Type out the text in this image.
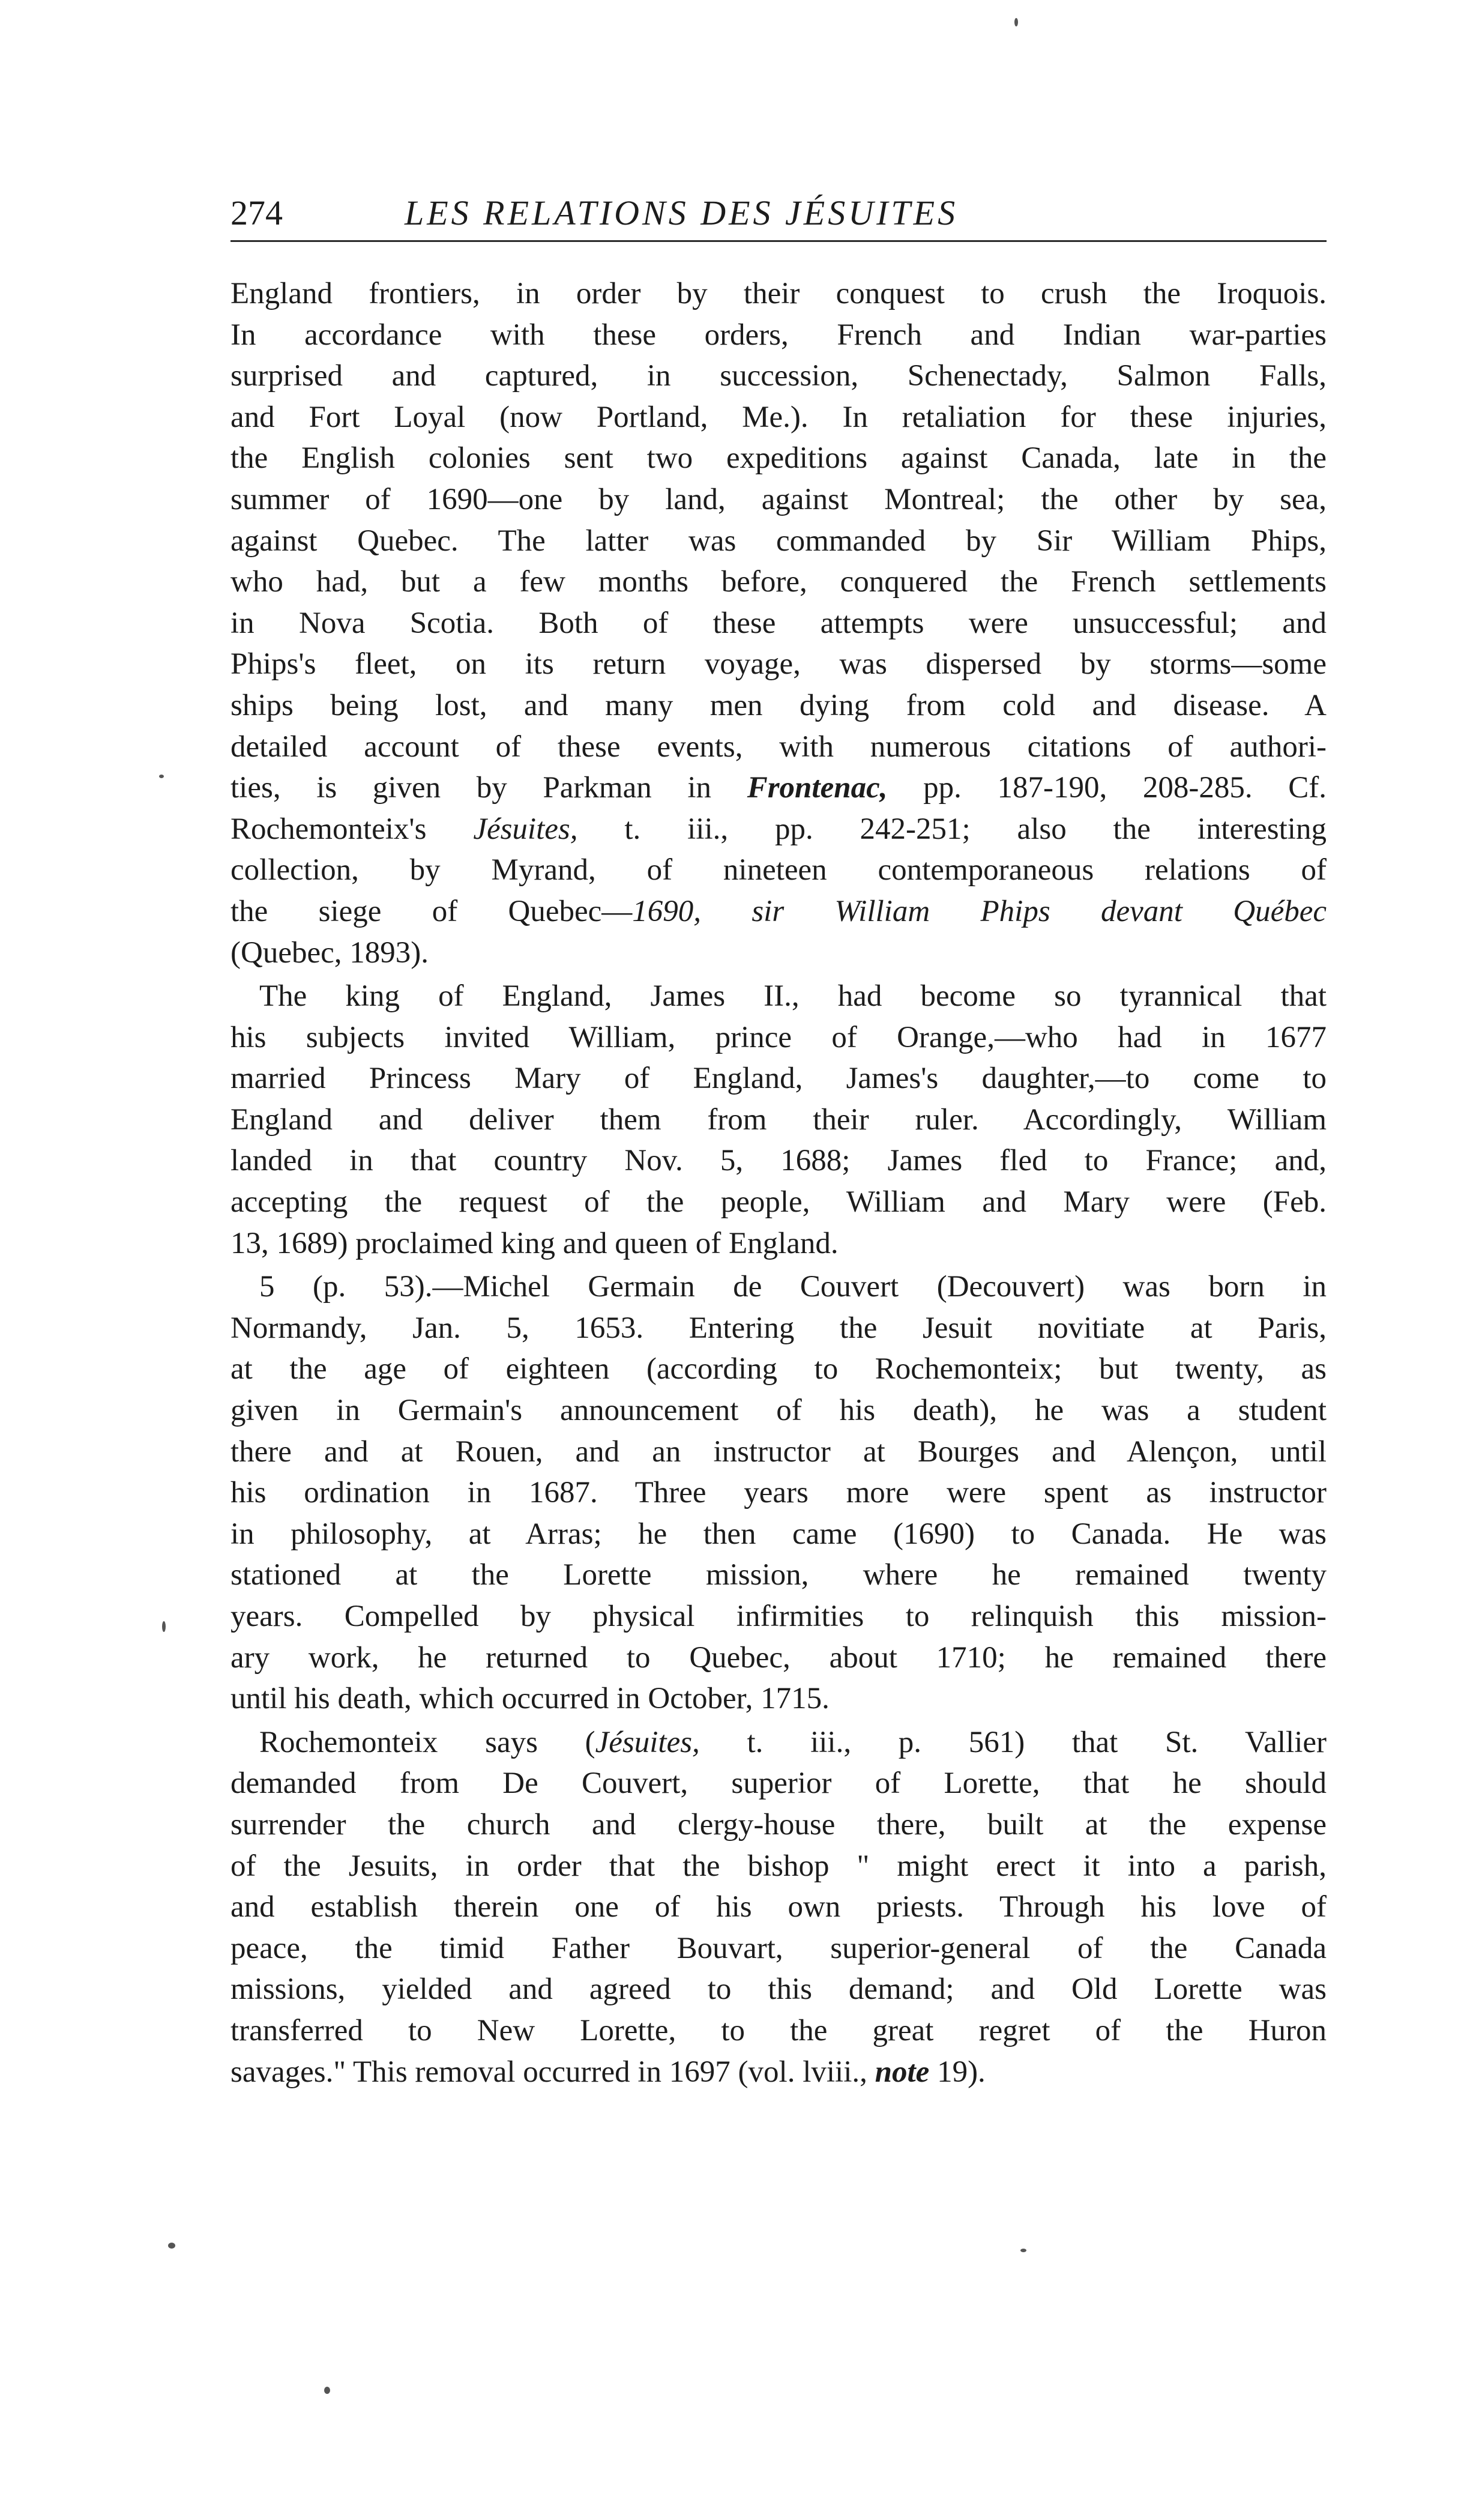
274	LES RELATIONS DES JÉSUITES

England frontiers, in order by their conquest to crush the Iroquois.
In accordance with these orders, French and Indian war-parties
surprised and captured, in succession, Schenectady, Salmon Falls,
and Fort Loyal (now Portland, Me.). In retaliation for these injuries,
the English colonies sent two expeditions against Canada, late in the
summer of 1690—one by land, against Montreal; the other by sea,
against Quebec. The latter was commanded by Sir William Phips,
who had, but a few months before, conquered the French settlements
in Nova Scotia. Both of these attempts were unsuccessful; and
Phips's fleet, on its return voyage, was dispersed by storms—some
ships being lost, and many men dying from cold and disease. A
detailed account of these events, with numerous citations of authori-
ties, is given by Parkman in Frontenac, pp. 187-190, 208-285. Cf.
Rochemonteix's Jésuites, t. iii., pp. 242-251; also the interesting
collection, by Myrand, of nineteen contemporaneous relations of
the siege of Quebec—1690, sir William Phips devant Québec
(Quebec, 1893).

The king of England, James II., had become so tyrannical that
his subjects invited William, prince of Orange,—who had in 1677
married Princess Mary of England, James's daughter,—to come to
England and deliver them from their ruler. Accordingly, William
landed in that country Nov. 5, 1688; James fled to France; and,
accepting the request of the people, William and Mary were (Feb.
13, 1689) proclaimed king and queen of England.

5 (p. 53).—Michel Germain de Couvert (Decouvert) was born in
Normandy, Jan. 5, 1653. Entering the Jesuit novitiate at Paris,
at the age of eighteen (according to Rochemonteix; but twenty, as
given in Germain's announcement of his death), he was a student
there and at Rouen, and an instructor at Bourges and Alençon, until
his ordination in 1687. Three years more were spent as instructor
in philosophy, at Arras; he then came (1690) to Canada. He was
stationed at the Lorette mission, where he remained twenty
years. Compelled by physical infirmities to relinquish this mission-
ary work, he returned to Quebec, about 1710; he remained there
until his death, which occurred in October, 1715.

Rochemonteix says (Jésuites, t. iii., p. 561) that St. Vallier
demanded from De Couvert, superior of Lorette, that he should
surrender the church and clergy-house there, built at the expense
of the Jesuits, in order that the bishop " might erect it into a parish,
and establish therein one of his own priests. Through his love of
peace, the timid Father Bouvart, superior-general of the Canada
missions, yielded and agreed to this demand; and Old Lorette was
transferred to New Lorette, to the great regret of the Huron
savages." This removal occurred in 1697 (vol. lviii., note 19).
